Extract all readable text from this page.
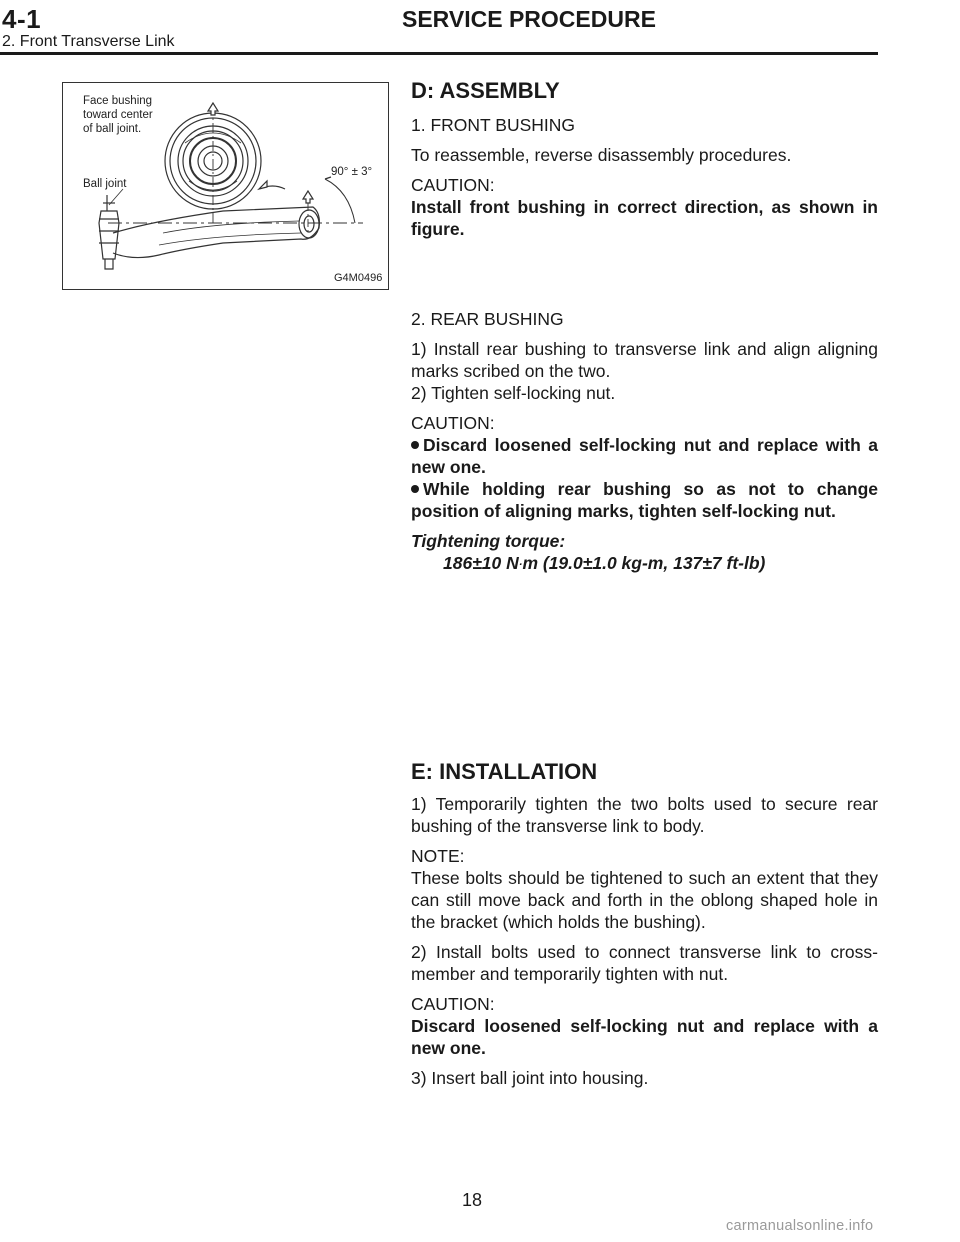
4-1	SERVICE PROCEDURE
2. Front Transverse Link
Face bushing
toward center
of ball joint.
Ball joint
90° ± 3°
G4M0496

D: ASSEMBLY

1. FRONT BUSHING

To reassemble, reverse disassembly procedures.

CAUTION:

Install front bushing in correct direction, as shown in figure.

2. REAR BUSHING

1) Install rear bushing to transverse link and align aligning marks scribed on the two.

2) Tighten self-locking nut.

CAUTION:

Discard loosened self-locking nut and replace with a new one.

While holding rear bushing so as not to change position of aligning marks, tighten self-locking nut.

Tightening torque:

186±10 N·m (19.0±1.0 kg-m, 137±7 ft-lb)

E: INSTALLATION

1) Temporarily tighten the two bolts used to secure rear bushing of the transverse link to body.

NOTE:

These bolts should be tightened to such an extent that they can still move back and forth in the oblong shaped hole in the bracket (which holds the bushing).

2) Install bolts used to connect transverse link to cross-member and temporarily tighten with nut.

CAUTION:

Discard loosened self-locking nut and replace with a new one.

3) Insert ball joint into housing.

18
carmanualsonline.info
